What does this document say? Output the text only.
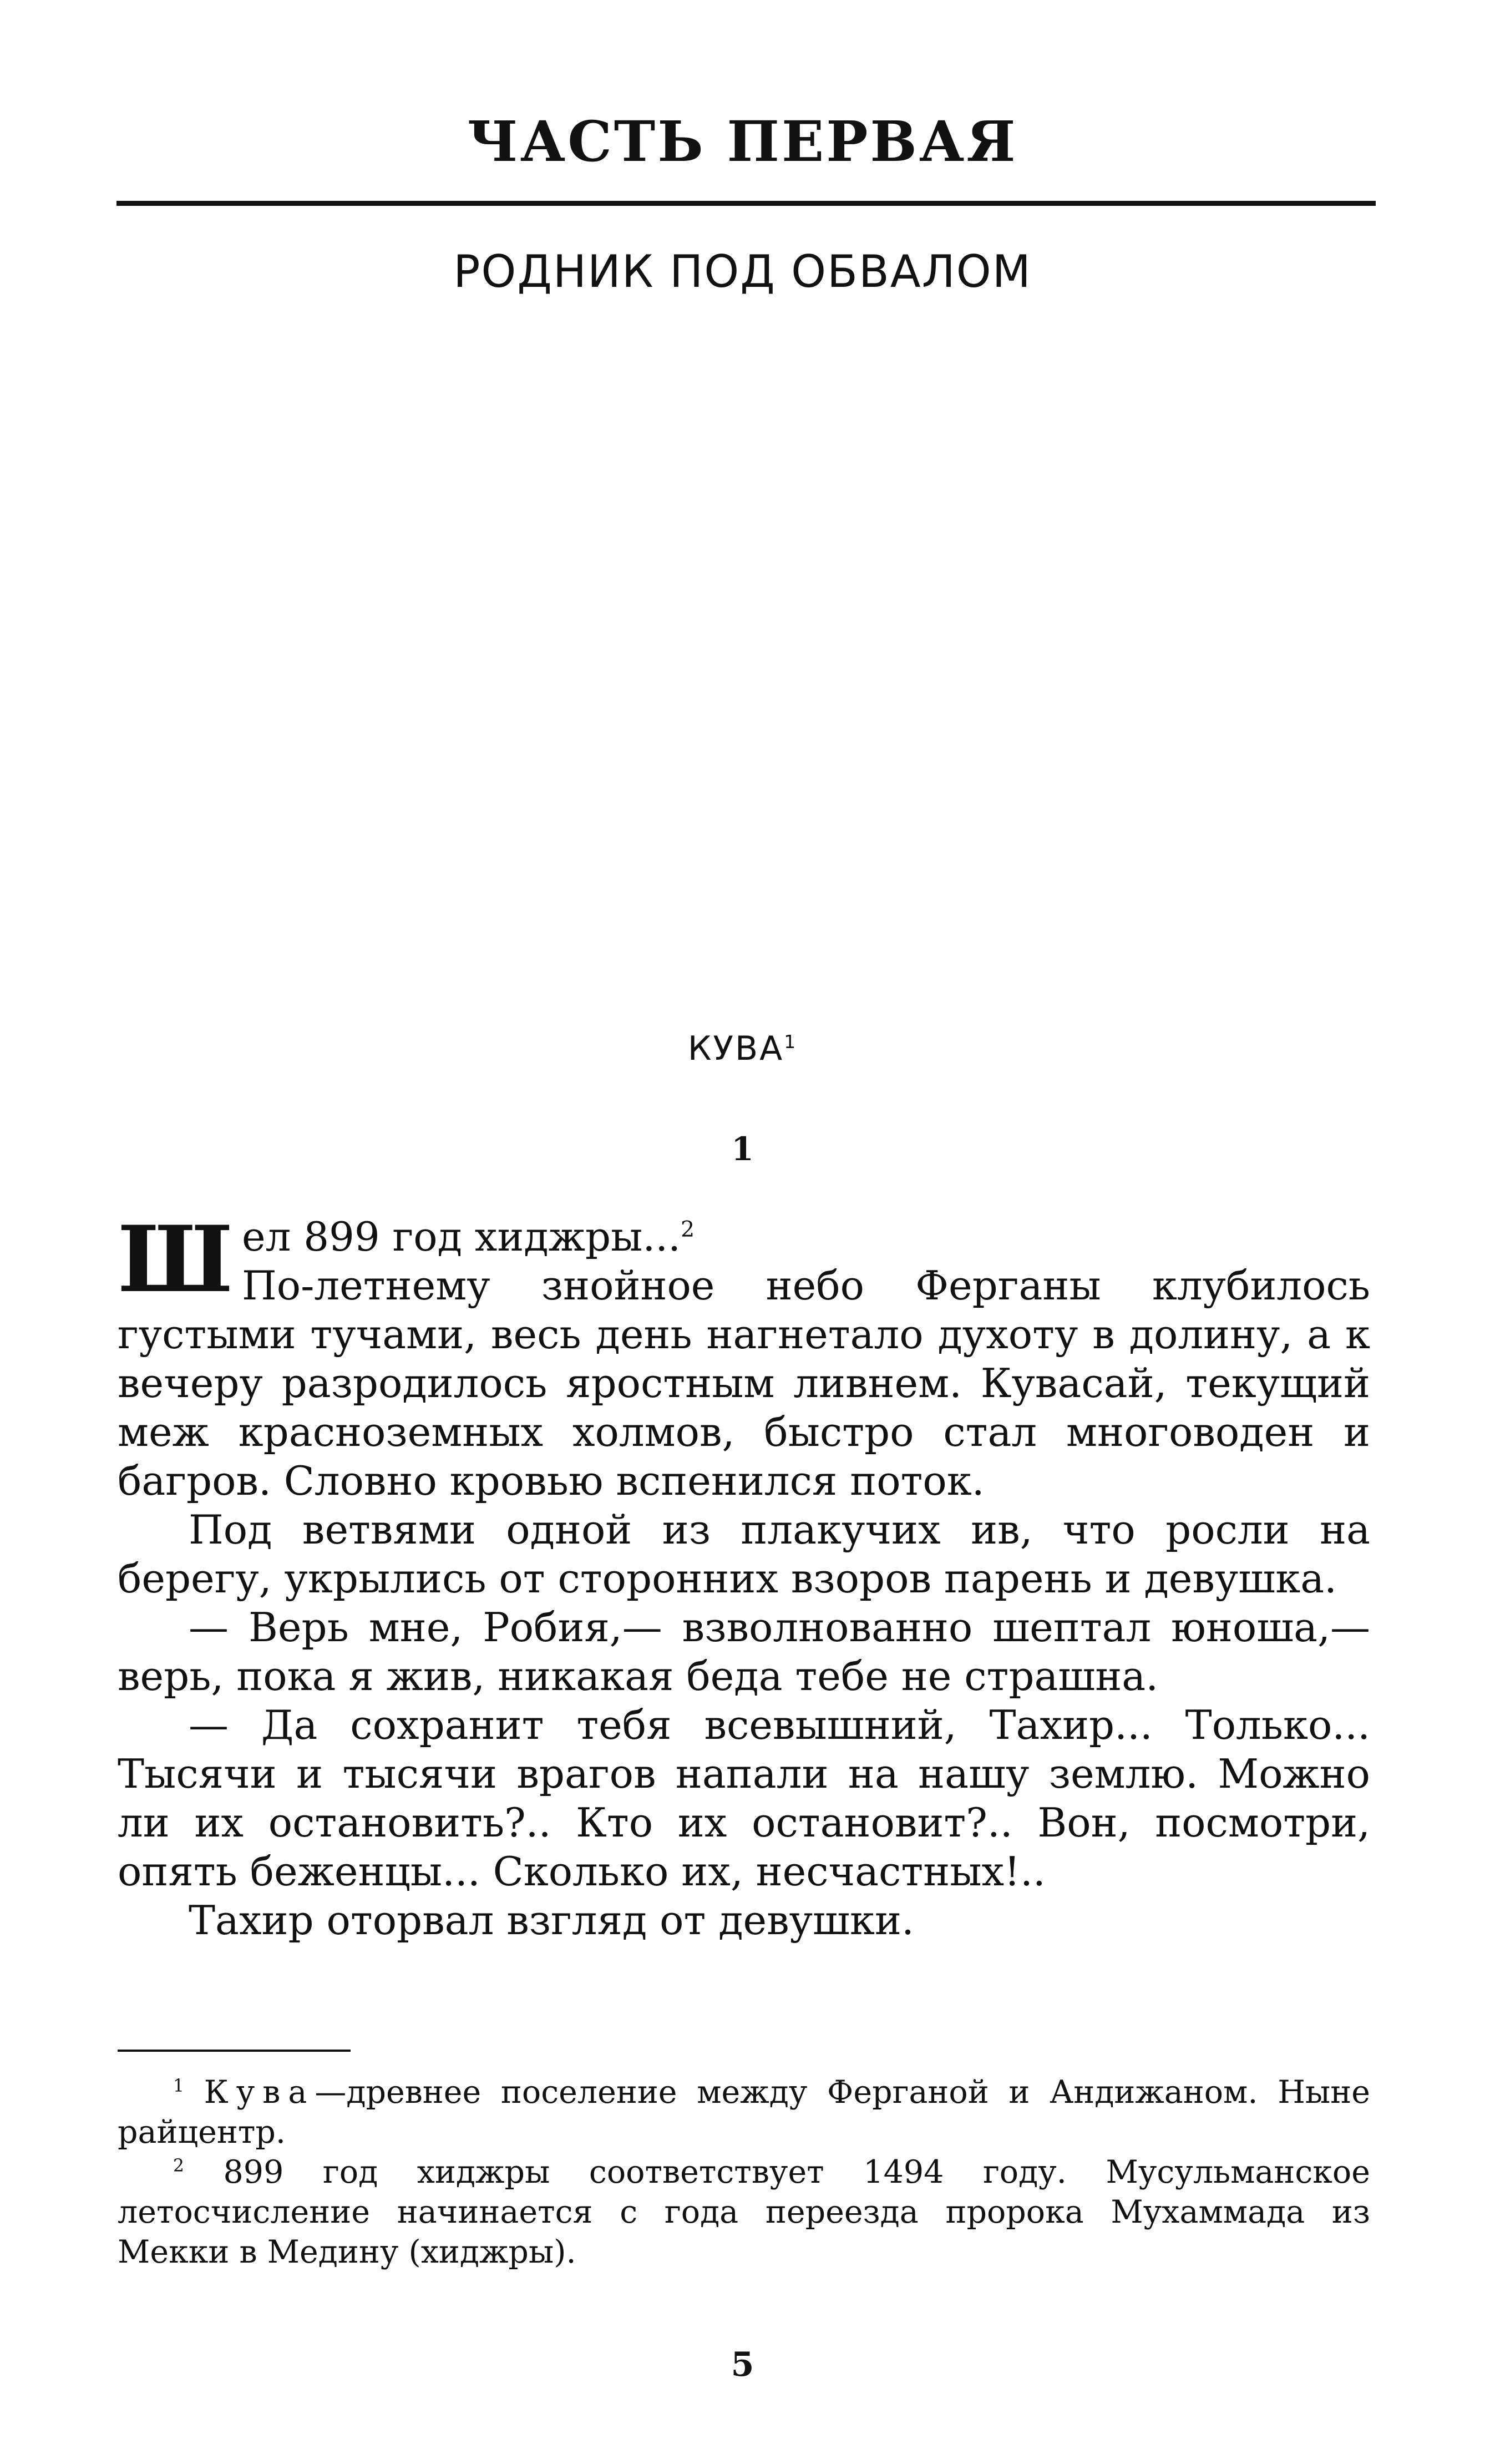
ЧАСТЬ ПЕРВАЯ
РОДНИК ПОД ОБВАЛОМ
КУВА$^1$
1

Шел 899 год хиджры...$^2$
По-летнему знойное небо Ферганы клубилось густыми тучами, весь день нагнетало духоту в долину, а к вечеру разродилось яростным ливнем. Кувасай, текущий меж красноземных холмов, быстро стал многоводен и багров. Словно кровью вспенился поток.

Под ветвями одной из плакучих ив, что росли на берегу, укрылись от сторонних взоров парень и девушка.

— Верь мне, Робия,— взволнованно шептал юноша,— верь, пока я жив, никакая беда тебе не страшна.

— Да сохранит тебя всевышний, Тахир... Только... Тысячи и тысячи врагов напали на нашу землю. Можно ли их остановить?.. Кто их остановит?.. Вон, посмотри, опять беженцы... Сколько их, несчастных!..

Тахир оторвал взгляд от девушки.

$^1$ Кува—древнее поселение между Ферганой и Андижаном. Ныне райцентр.

$^2$ 899 год хиджры соответствует 1494 году. Мусульманское летосчисление начинается с года переезда пророка Мухаммада из Мекки в Медину (хиджры).

5
